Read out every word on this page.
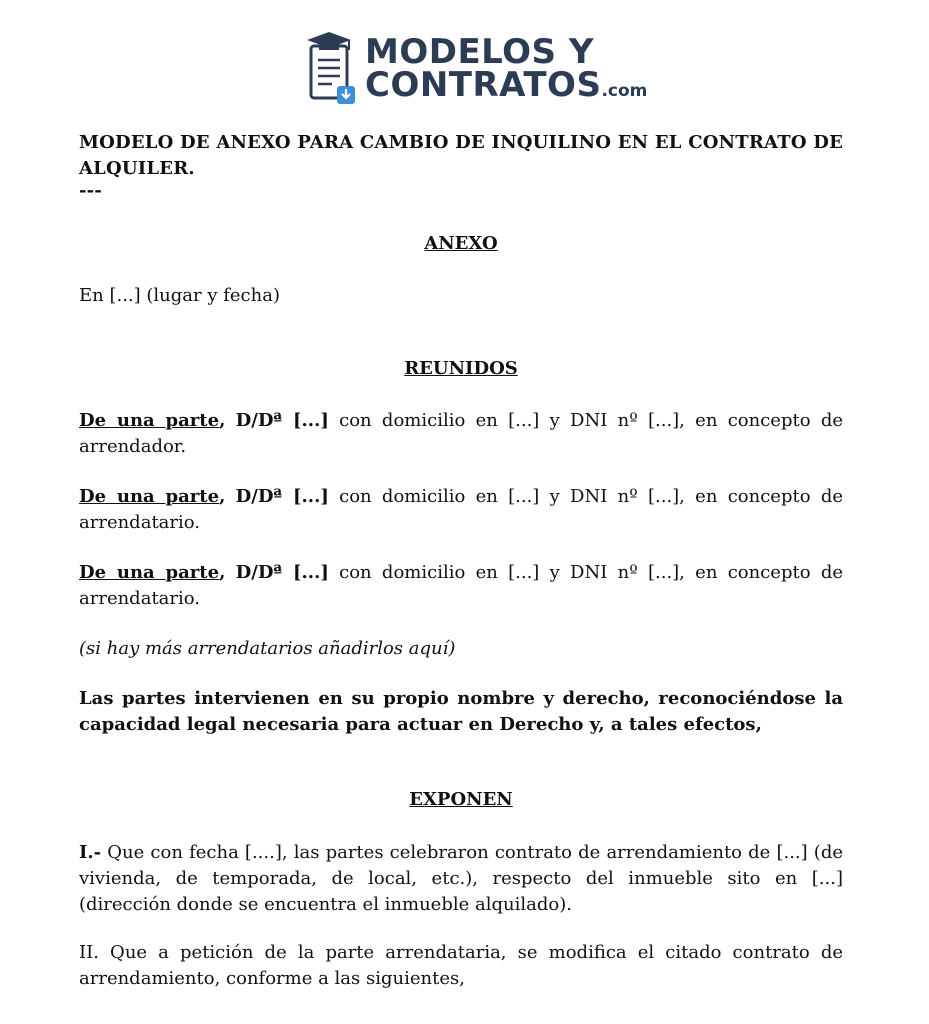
MODELOS Y
CONTRATOS.com
MODELO DE ANEXO PARA CAMBIO DE INQUILINO EN EL CONTRATO DE ALQUILER.
---
ANEXO
En [...] (lugar y fecha)
REUNIDOS
De una parte, D/Dª [...] con domicilio en [...] y DNI nº [...], en concepto de arrendador.
De una parte, D/Dª [...] con domicilio en [...] y DNI nº [...], en concepto de arrendatario.
De una parte, D/Dª [...] con domicilio en [...] y DNI nº [...], en concepto de arrendatario.
(si hay más arrendatarios añadirlos aquí)
Las partes intervienen en su propio nombre y derecho, reconociéndose la capacidad legal necesaria para actuar en Derecho y, a tales efectos,
EXPONEN
I.- Que con fecha [....], las partes celebraron contrato de arrendamiento de [...] (de vivienda, de temporada, de local, etc.), respecto del inmueble sito en [...] (dirección donde se encuentra el inmueble alquilado).
II. Que a petición de la parte arrendataria, se modifica el citado contrato de arrendamiento, conforme a las siguientes,
